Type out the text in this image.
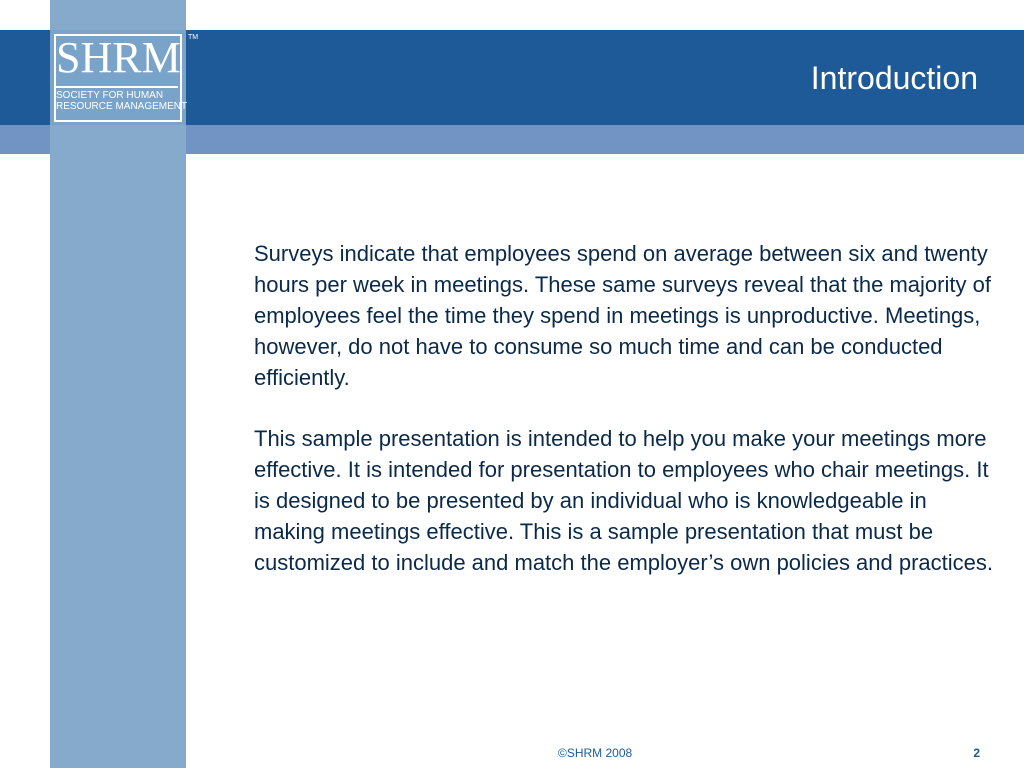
SHRM
SOCIETY FOR HUMAN
RESOURCE MANAGEMENT
TM
Introduction

Surveys indicate that employees spend on average between six and twenty hours per week in meetings. These same surveys reveal that the majority of employees feel the time they spend in meetings is unproductive. Meetings, however, do not have to consume so much time and can be conducted efficiently.

This sample presentation is intended to help you make your meetings more effective. It is intended for presentation to employees who chair meetings. It is designed to be presented by an individual who is knowledgeable in making meetings effective. This is a sample presentation that must be customized to include and match the employer’s own policies and practices.

©SHRM 2008	2
